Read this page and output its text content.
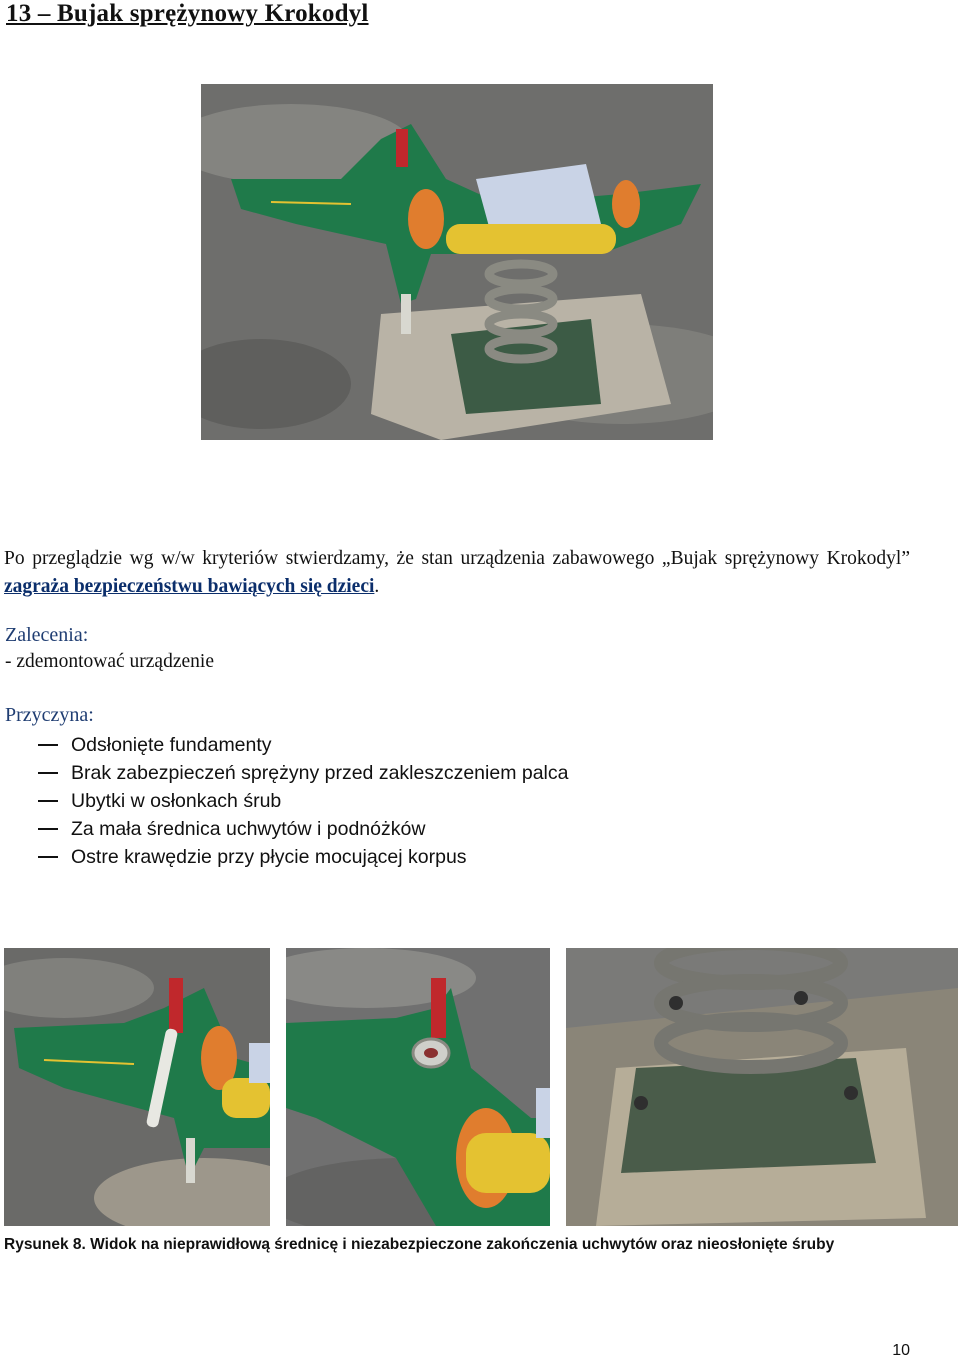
13 – Bujak sprężynowy Krokodyl

Po przeglądzie wg w/w kryteriów stwierdzamy, że stan urządzenia zabawowego „Bujak sprężynowy Krokodyl” zagraża bezpieczeństwu bawiących się dzieci.

Zalecenia:
- zdemontować urządzenie
Przyczyna:
Odsłonięte fundamenty
Brak zabezpieczeń sprężyny przed zakleszczeniem palca
Ubytki w osłonkach śrub
Za mała średnica uchwytów i podnóżków
Ostre krawędzie przy płycie mocującej korpus
Rysunek 8. Widok na nieprawidłową średnicę i niezabezpieczone zakończenia uchwytów oraz nieosłonięte śruby
10
